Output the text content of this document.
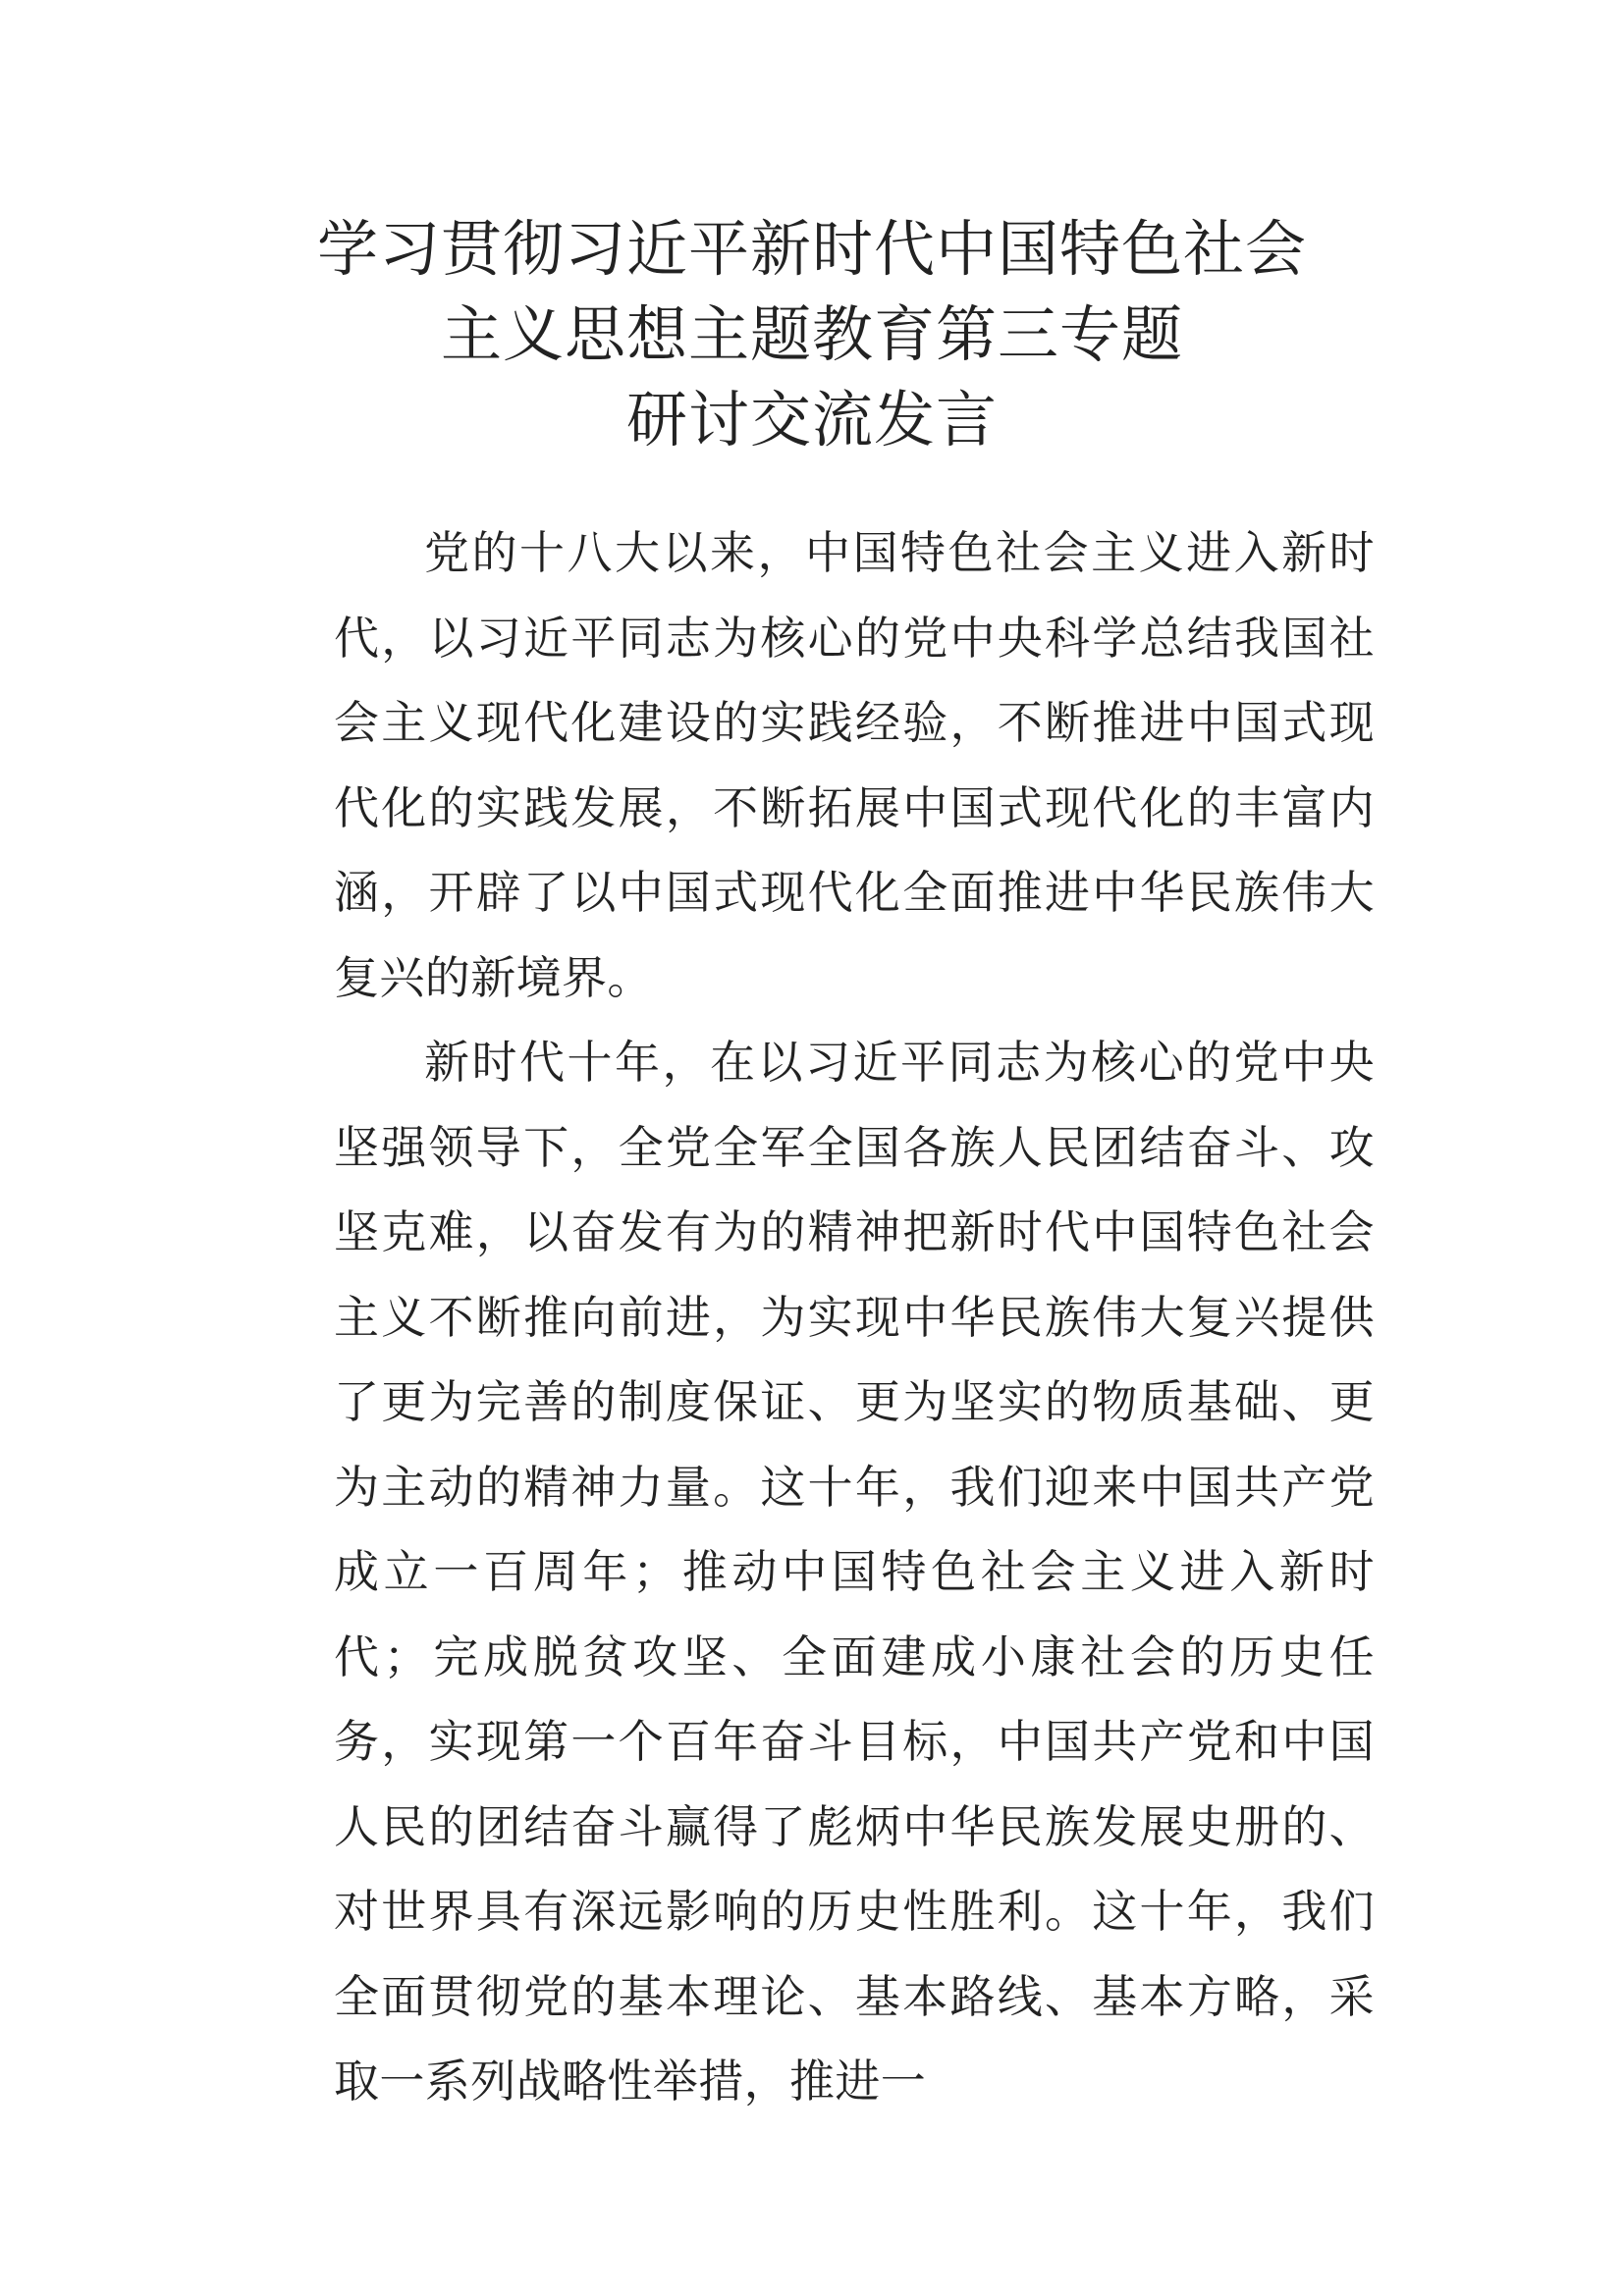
学习贯彻习近平新时代中国特色社会
主义思想主题教育第三专题
研讨交流发言

党的十八大以来，中国特色社会主义进入新时代，以习近平同志为核心的党中央科学总结我国社会主义现代化建设的实践经验，不断推进中国式现代化的实践发展，不断拓展中国式现代化的丰富内涵，开辟了以中国式现代化全面推进中华民族伟大复兴的新境界。

新时代十年，在以习近平同志为核心的党中央坚强领导下，全党全军全国各族人民团结奋斗、攻坚克难，以奋发有为的精神把新时代中国特色社会主义不断推向前进，为实现中华民族伟大复兴提供了更为完善的制度保证、更为坚实的物质基础、更为主动的精神力量。这十年，我们迎来中国共产党成立一百周年；推动中国特色社会主义进入新时代；完成脱贫攻坚、全面建成小康社会的历史任务，实现第一个百年奋斗目标，中国共产党和中国人民的团结奋斗赢得了彪炳中华民族发展史册的、对世界具有深远影响的历史性胜利。这十年，我们全面贯彻党的基本理论、基本路线、基本方略，采取一系列战略性举措，推进一
